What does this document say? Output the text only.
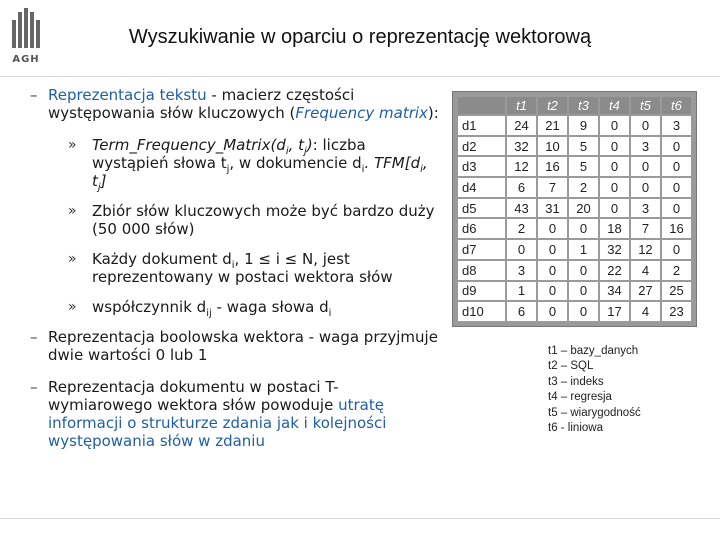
AGH
Wyszukiwanie w oparciu o reprezentację wektorową
– Reprezentacja tekstu - macierz częstości występowania słów kluczowych (Frequency matrix):
» $Term\_Frequency\_Matrix(d_i$, $t_j$): liczba wystąpień słowa $t_j$, w dokumencie $d_i$. $TFM[d_i$, $t_j$]
» Zbiór słów kluczowych może być bardzo duży (50 000 słów)
» Każdy dokument $d_i$, 1 ≤ i ≤ N, jest reprezentowany w postaci wektora słów
» współczynnik $d_{ij}$ - waga słowa $d_i$
– Reprezentacja boolowska wektora - waga przyjmuje dwie wartości 0 lub 1
– Reprezentacja dokumentu w postaci T-wymiarowego wektora słów powoduje utratę informacji o strukturze zdania jak i kolejności występowania słów w zdaniu
	t1	t2	t3	t4	t5	t6
d1	24	21	9	0	0	3
d2	32	10	5	0	3	0
d3	12	16	5	0	0	0
d4	6	7	2	0	0	0
d5	43	31	20	0	3	0
d6	2	0	0	18	7	16
d7	0	0	1	32	12	0
d8	3	0	0	22	4	2
d9	1	0	0	34	27	25
d10	6	0	0	17	4	23
t1 – bazy_danych
t2 – SQL
t3 – indeks
t4 – regresja
t5 – wiarygodność
t6 - liniowa
